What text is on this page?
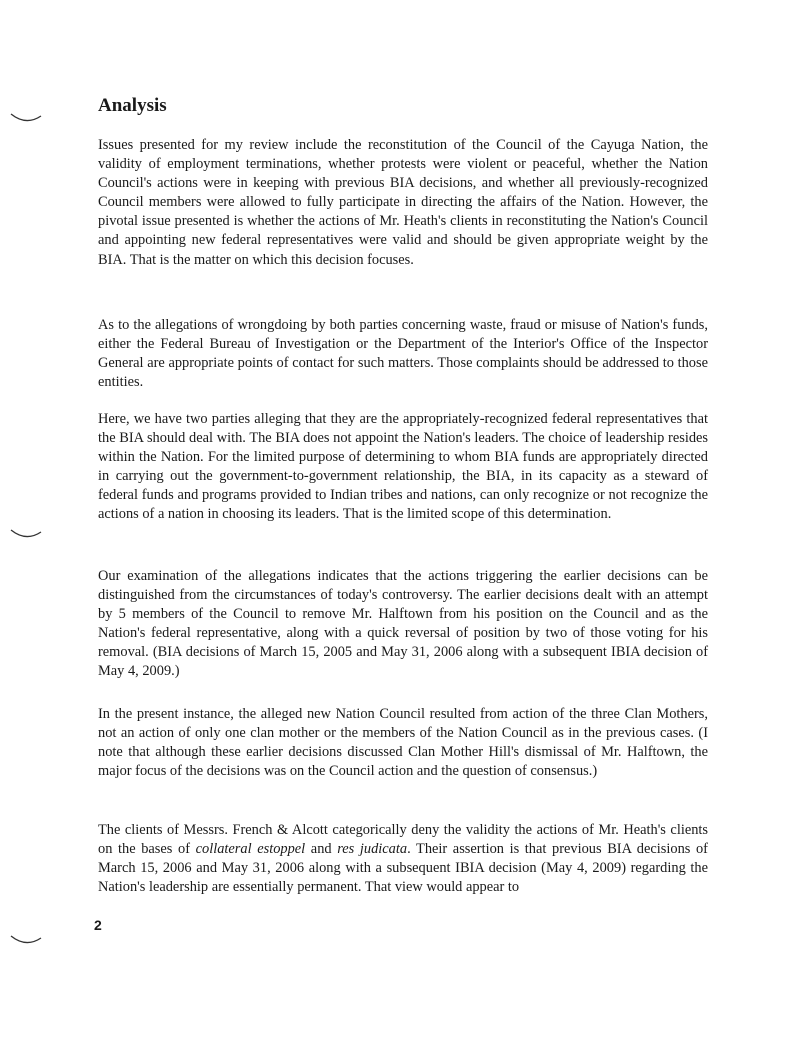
Analysis

Issues presented for my review include the reconstitution of the Council of the Cayuga Nation, the validity of employment terminations, whether protests were violent or peaceful, whether the Nation Council's actions were in keeping with previous BIA decisions, and whether all previously-recognized Council members were allowed to fully participate in directing the affairs of the Nation. However, the pivotal issue presented is whether the actions of Mr. Heath's clients in reconstituting the Nation's Council and appointing new federal representatives were valid and should be given appropriate weight by the BIA. That is the matter on which this decision focuses.

As to the allegations of wrongdoing by both parties concerning waste, fraud or misuse of Nation's funds, either the Federal Bureau of Investigation or the Department of the Interior's Office of the Inspector General are appropriate points of contact for such matters. Those complaints should be addressed to those entities.

Here, we have two parties alleging that they are the appropriately-recognized federal representatives that the BIA should deal with. The BIA does not appoint the Nation's leaders. The choice of leadership resides within the Nation. For the limited purpose of determining to whom BIA funds are appropriately directed in carrying out the government-to-government relationship, the BIA, in its capacity as a steward of federal funds and programs provided to Indian tribes and nations, can only recognize or not recognize the actions of a nation in choosing its leaders. That is the limited scope of this determination.

Our examination of the allegations indicates that the actions triggering the earlier decisions can be distinguished from the circumstances of today's controversy. The earlier decisions dealt with an attempt by 5 members of the Council to remove Mr. Halftown from his position on the Council and as the Nation's federal representative, along with a quick reversal of position by two of those voting for his removal. (BIA decisions of March 15, 2005 and May 31, 2006 along with a subsequent IBIA decision of May 4, 2009.)

In the present instance, the alleged new Nation Council resulted from action of the three Clan Mothers, not an action of only one clan mother or the members of the Nation Council as in the previous cases. (I note that although these earlier decisions discussed Clan Mother Hill's dismissal of Mr. Halftown, the major focus of the decisions was on the Council action and the question of consensus.)

The clients of Messrs. French & Alcott categorically deny the validity the actions of Mr. Heath's clients on the bases of collateral estoppel and res judicata. Their assertion is that previous BIA decisions of March 15, 2006 and May 31, 2006 along with a subsequent IBIA decision (May 4, 2009) regarding the Nation's leadership are essentially permanent. That view would appear to

2
